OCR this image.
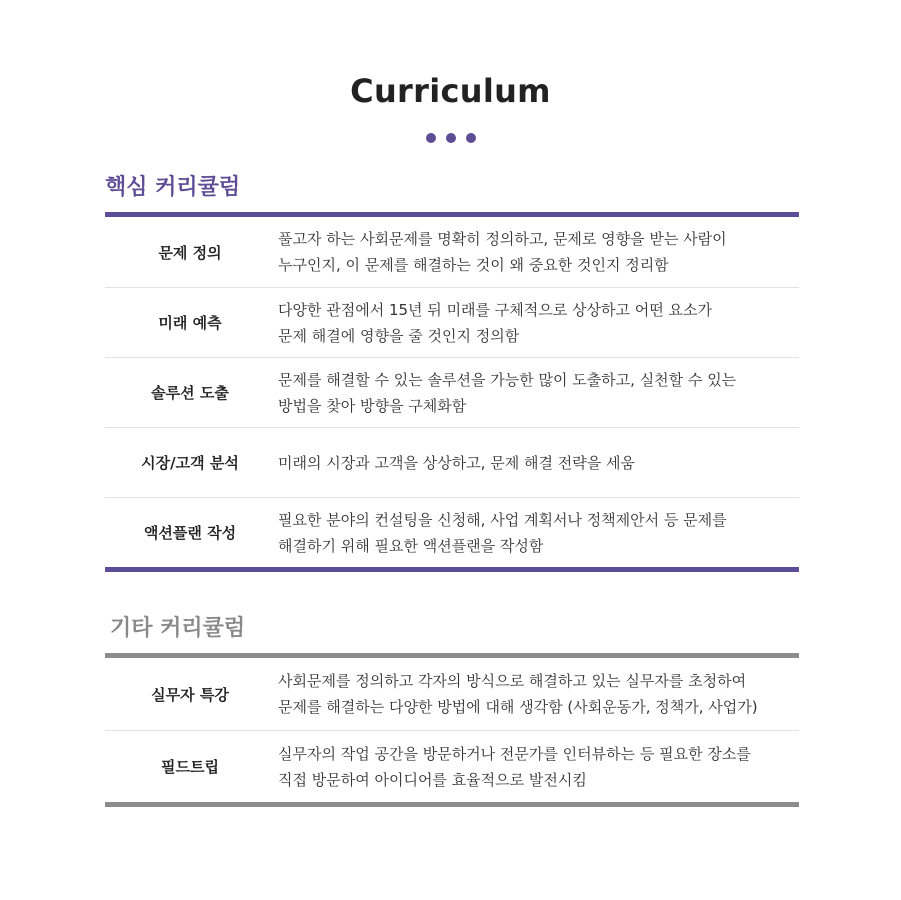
Curriculum
핵심 커리큘럼
문제 정의
풀고자 하는 사회문제를 명확히 정의하고, 문제로 영향을 받는 사람이
누구인지, 이 문제를 해결하는 것이 왜 중요한 것인지 정리함
미래 예측
다양한 관점에서 15년 뒤 미래를 구체적으로 상상하고 어떤 요소가
문제 해결에 영향을 줄 것인지 정의함
솔루션 도출
문제를 해결할 수 있는 솔루션을 가능한 많이 도출하고, 실천할 수 있는
방법을 찾아 방향을 구체화함
시장/고객 분석	미래의 시장과 고객을 상상하고, 문제 해결 전략을 세움
액션플랜 작성
필요한 분야의 컨설팅을 신청해, 사업 계획서나 정책제안서 등 문제를
해결하기 위해 필요한 액션플랜을 작성함
기타 커리큘럼
실무자 특강
사회문제를 정의하고 각자의 방식으로 해결하고 있는 실무자를 초청하여
문제를 해결하는 다양한 방법에 대해 생각함 (사회운동가, 정책가, 사업가)
필드트립
실무자의 작업 공간을 방문하거나 전문가를 인터뷰하는 등 필요한 장소를
직접 방문하여 아이디어를 효율적으로 발전시킴
